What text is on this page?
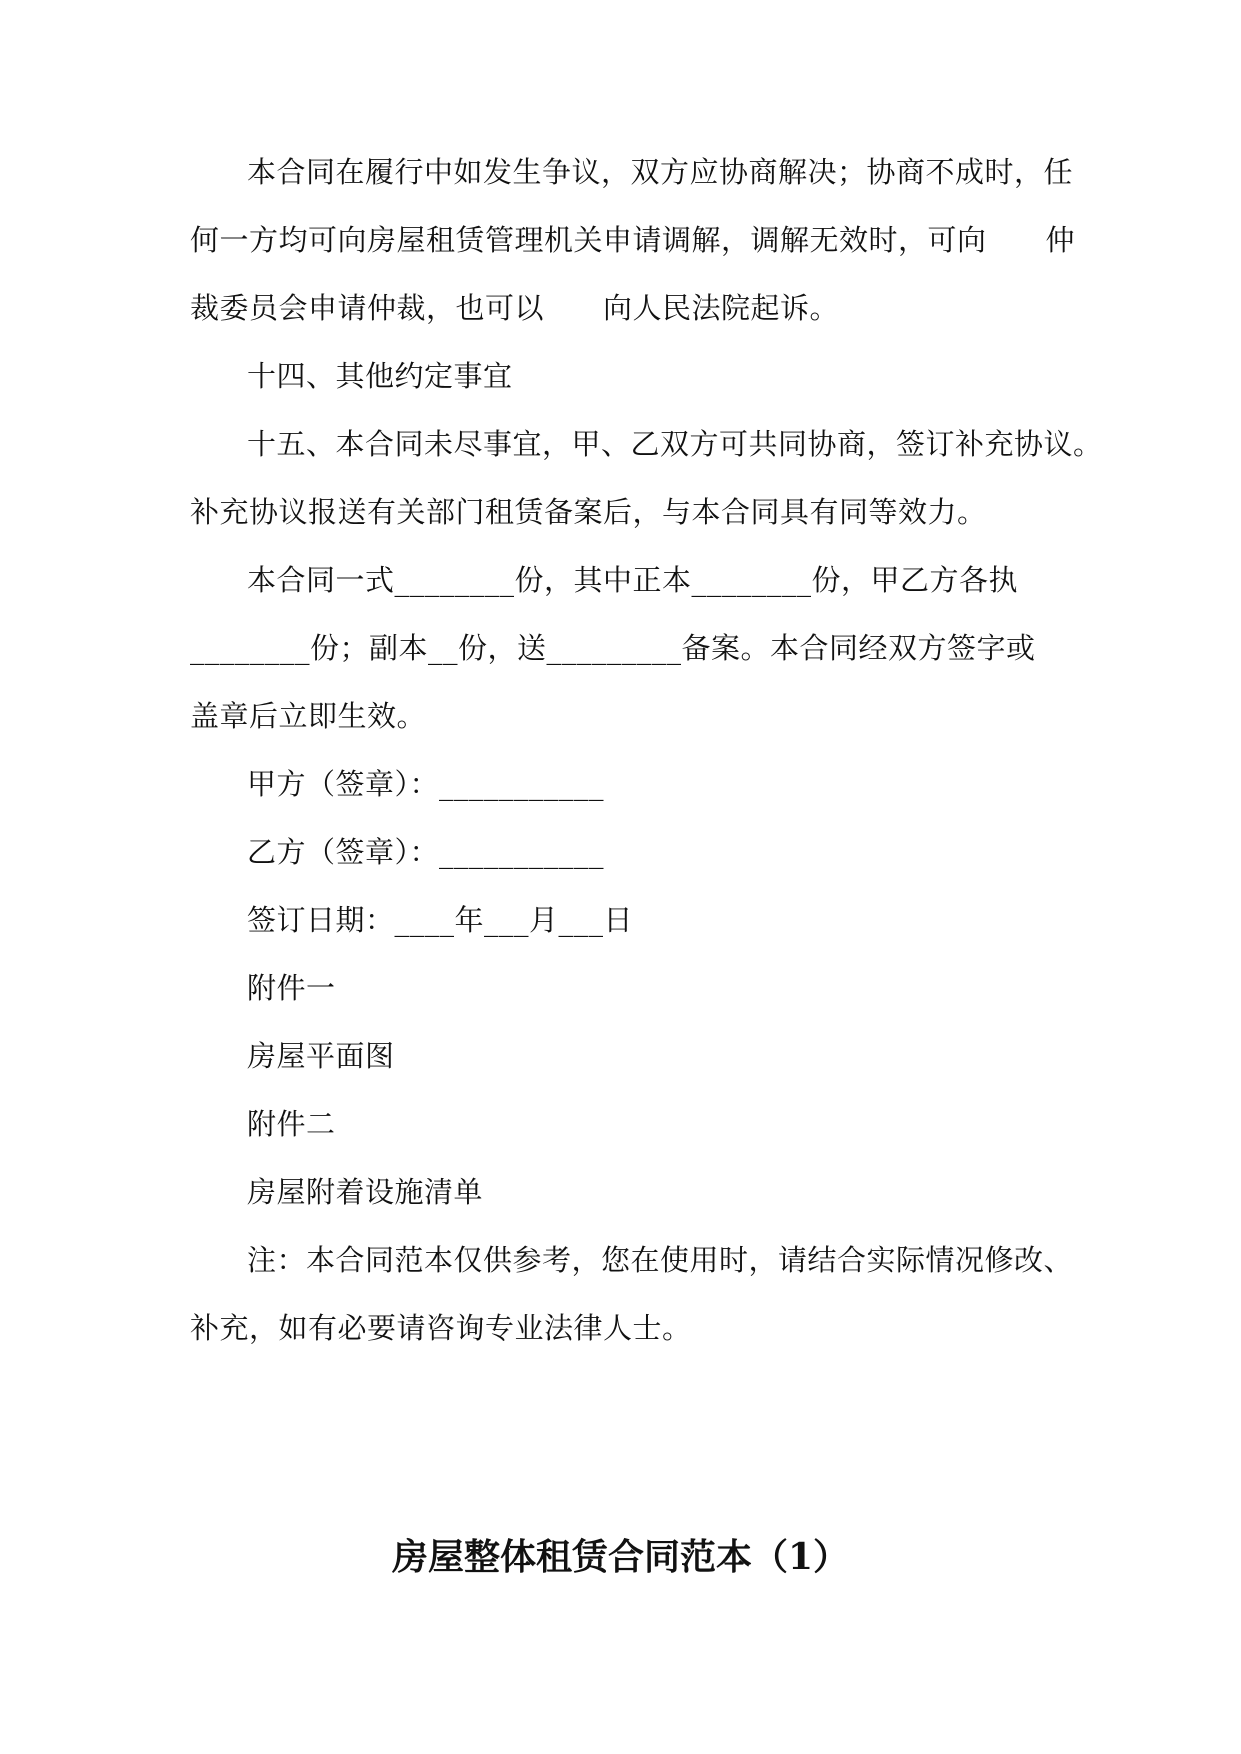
本合同在履行中如发生争议，双方应协商解决；协商不成时，任
何一方均可向房屋租赁管理机关申请调解，调解无效时，可向　　仲
裁委员会申请仲裁，也可以　　向人民法院起诉。
十四、其他约定事宜
十五、本合同未尽事宜，甲、乙双方可共同协商，签订补充协议。
补充协议报送有关部门租赁备案后，与本合同具有同等效力。
本合同一式________份，其中正本________份，甲乙方各执
________份；副本__份，送_________备案。本合同经双方签字或
盖章后立即生效。
甲方（签章）：___________
乙方（签章）：___________
签订日期：____年___月___日
附件一
房屋平面图
附件二
房屋附着设施清单
注：本合同范本仅供参考，您在使用时，请结合实际情况修改、
补充，如有必要请咨询专业法律人士。
房屋整体租赁合同范本（1）
